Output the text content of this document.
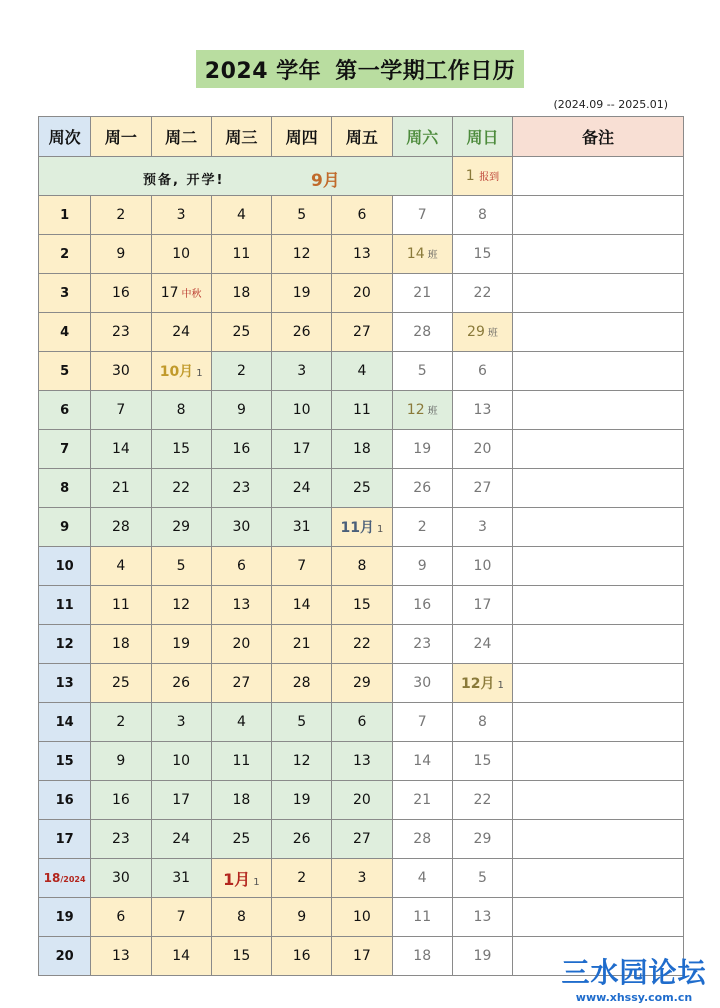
2024 学年 第一学期工作日历
(2024.09 -- 2025.01)
周次	周一	周二	周三	周四	周五	周六	周日	备注

预备, 开学! 9月							1 报到	
1	2	3	4	5	6	7	8	
2	9	10	11	12	13	14 班	15	
3	16	17 中秋	18	19	20	21	22	
4	23	24	25	26	27	28	29 班	
5	30	10月 1	2	3	4	5	6	
6	7	8	9	10	11	12 班	13	
7	14	15	16	17	18	19	20	
8	21	22	23	24	25	26	27	
9	28	29	30	31	11月 1	2	3	
10	4	5	6	7	8	9	10	
11	11	12	13	14	15	16	17	
12	18	19	20	21	22	23	24	
13	25	26	27	28	29	30	12月 1	
14	2	3	4	5	6	7	8	
15	9	10	11	12	13	14	15	
16	16	17	18	19	20	21	22	
17	23	24	25	26	27	28	29	
18/2024	30	31	1月 1	2	3	4	5	
19	6	7	8	9	10	11	13	
20	13	14	15	16	17	18	19		三水园论坛
www.xhssy.com.cn
